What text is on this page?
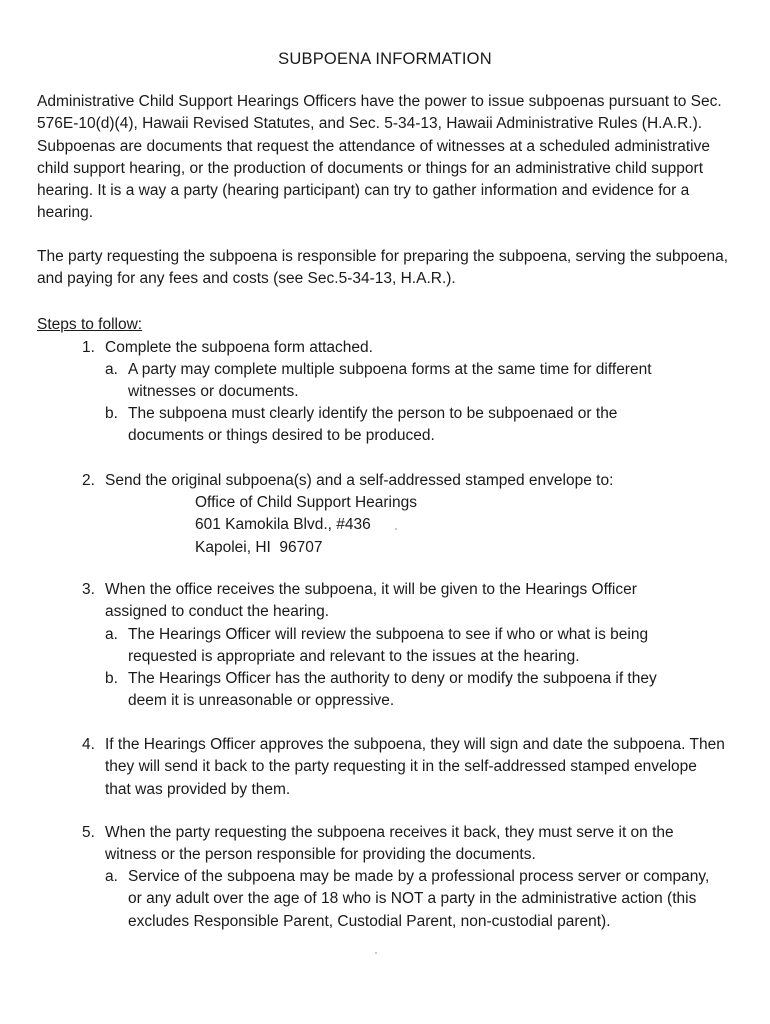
SUBPOENA INFORMATION
Administrative Child Support Hearings Officers have the power to issue subpoenas pursuant to Sec. 576E-10(d)(4), Hawaii Revised Statutes, and Sec. 5-34-13, Hawaii Administrative Rules (H.A.R.). Subpoenas are documents that request the attendance of witnesses at a scheduled administrative child support hearing, or the production of documents or things for an administrative child support hearing. It is a way a party (hearing participant) can try to gather information and evidence for a hearing.
The party requesting the subpoena is responsible for preparing the subpoena, serving the subpoena, and paying for any fees and costs (see Sec.5-34-13, H.A.R.).
Steps to follow:
1. Complete the subpoena form attached.
a. A party may complete multiple subpoena forms at the same time for different witnesses or documents.
b. The subpoena must clearly identify the person to be subpoenaed or the documents or things desired to be produced.
2. Send the original subpoena(s) and a self-addressed stamped envelope to:
Office of Child Support Hearings
601 Kamokila Blvd., #436
Kapolei, HI  96707
3. When the office receives the subpoena, it will be given to the Hearings Officer assigned to conduct the hearing.
a. The Hearings Officer will review the subpoena to see if who or what is being requested is appropriate and relevant to the issues at the hearing.
b. The Hearings Officer has the authority to deny or modify the subpoena if they deem it is unreasonable or oppressive.
4. If the Hearings Officer approves the subpoena, they will sign and date the subpoena. Then they will send it back to the party requesting it in the self-addressed stamped envelope that was provided by them.
5. When the party requesting the subpoena receives it back, they must serve it on the witness or the person responsible for providing the documents.
a. Service of the subpoena may be made by a professional process server or company, or any adult over the age of 18 who is NOT a party in the administrative action (this excludes Responsible Parent, Custodial Parent, non-custodial parent).
